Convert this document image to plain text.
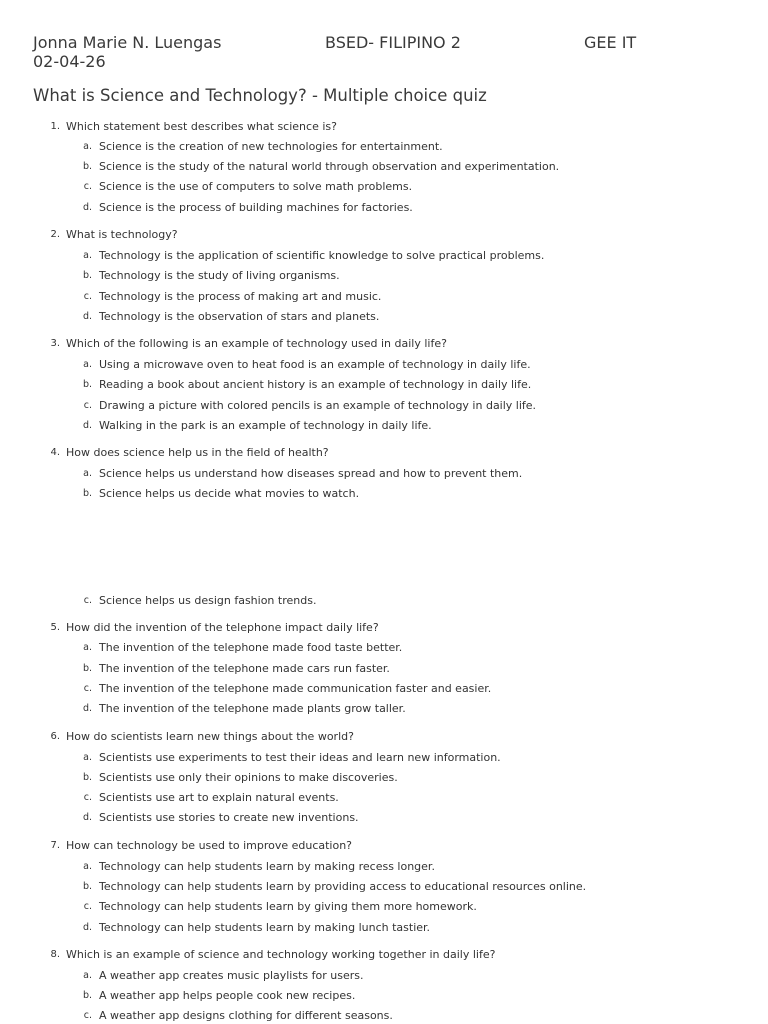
Jonna Marie N. Luengas	BSED- FILIPINO 2	GEE IT
02-04-26
What is Science and Technology? - Multiple choice quiz
1. Which statement best describes what science is?
a. Science is the creation of new technologies for entertainment.
b. Science is the study of the natural world through observation and experimentation.
c. Science is the use of computers to solve math problems.
d. Science is the process of building machines for factories.
2. What is technology?
a. Technology is the application of scientific knowledge to solve practical problems.
b. Technology is the study of living organisms.
c. Technology is the process of making art and music.
d. Technology is the observation of stars and planets.
3. Which of the following is an example of technology used in daily life?
a. Using a microwave oven to heat food is an example of technology in daily life.
b. Reading a book about ancient history is an example of technology in daily life.
c. Drawing a picture with colored pencils is an example of technology in daily life.
d. Walking in the park is an example of technology in daily life.
4. How does science help us in the field of health?
a. Science helps us understand how diseases spread and how to prevent them.
b. Science helps us decide what movies to watch.
c. Science helps us design fashion trends.
5. How did the invention of the telephone impact daily life?
a. The invention of the telephone made food taste better.
b. The invention of the telephone made cars run faster.
c. The invention of the telephone made communication faster and easier.
d. The invention of the telephone made plants grow taller.
6. How do scientists learn new things about the world?
a. Scientists use experiments to test their ideas and learn new information.
b. Scientists use only their opinions to make discoveries.
c. Scientists use art to explain natural events.
d. Scientists use stories to create new inventions.
7. How can technology be used to improve education?
a. Technology can help students learn by making recess longer.
b. Technology can help students learn by providing access to educational resources online.
c. Technology can help students learn by giving them more homework.
d. Technology can help students learn by making lunch tastier.
8. Which is an example of science and technology working together in daily life?
a. A weather app creates music playlists for users.
b. A weather app helps people cook new recipes.
c. A weather app designs clothing for different seasons.
